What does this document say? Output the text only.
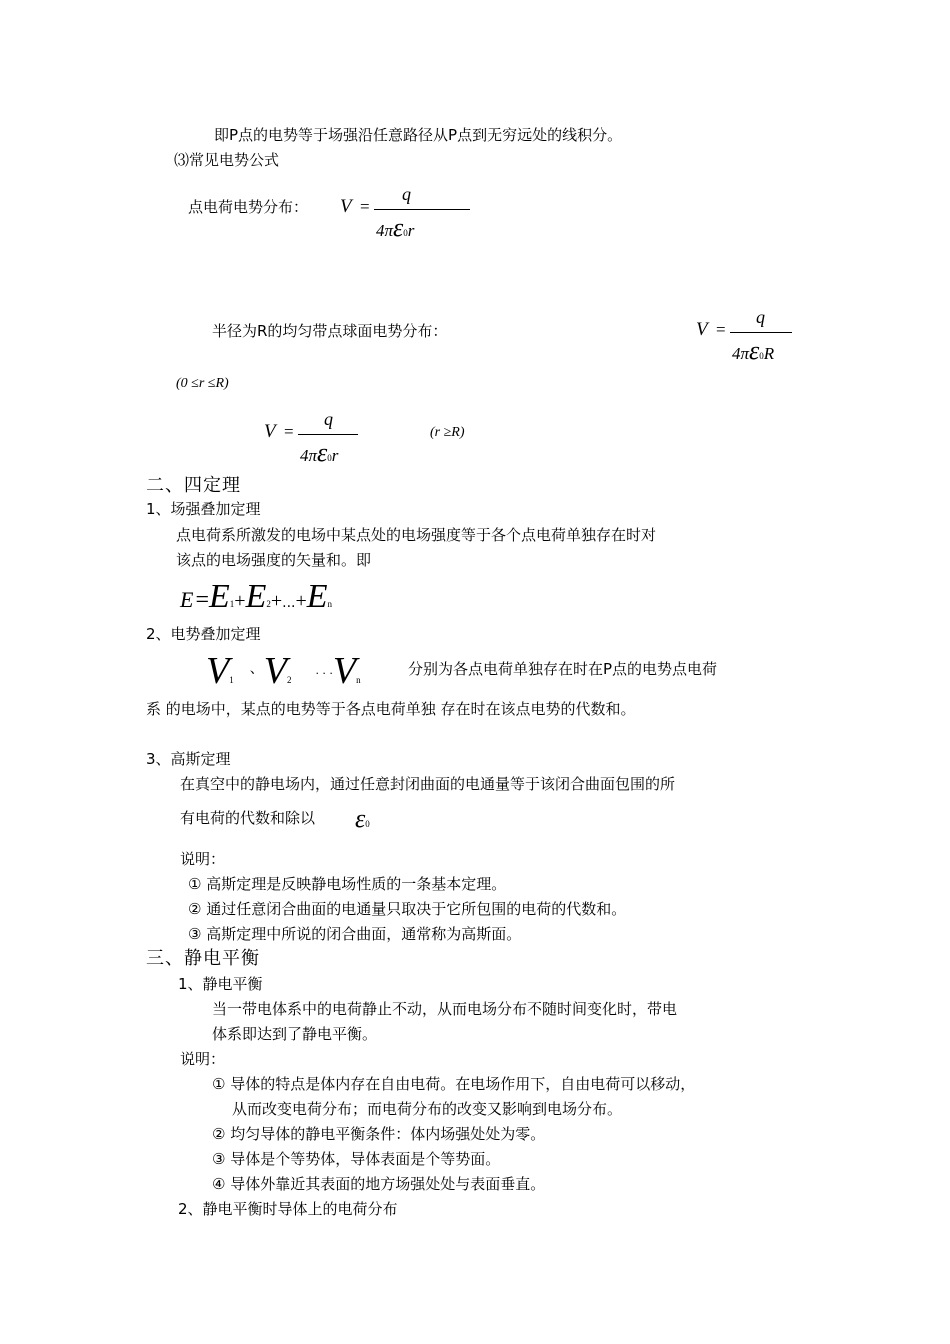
即P点的电势等于场强沿任意路径从P点到无穷远处的线积分。
⑶常见电势公式
点电荷电势分布： V =
q
4πε0r
半径为R的均匀带点球面电势分布：	V =
q
4πε0R
(0 ≤r ≤R)
V =
q
4πε0r
(r ≥R)
二、四定理
1、场强叠加定理
点电荷系所激发的电场中某点处的电场强度等于各个点电荷单独存在时对
该点的电场强度的矢量和。即
E=E1+E2+...+En
2、电势叠加定理
V1、V2 · · ·Vn
分别为各点电荷单独存在时在P点的电势点电荷
系 的电场中，某点的电势等于各点电荷单独 存在时在该点电势的代数和。
3、高斯定理
在真空中的静电场内，通过任意封闭曲面的电通量等于该闭合曲面包围的所
有电荷的代数和除以 ε0
说明：
① 高斯定理是反映静电场性质的一条基本定理。
② 通过任意闭合曲面的电通量只取决于它所包围的电荷的代数和。
③ 高斯定理中所说的闭合曲面，通常称为高斯面。
三、静电平衡
1、静电平衡
当一带电体系中的电荷静止不动，从而电场分布不随时间变化时，带电
体系即达到了静电平衡。
说明：
① 导体的特点是体内存在自由电荷。在电场作用下，自由电荷可以移动，
从而改变电荷分布；而电荷分布的改变又影响到电场分布。
② 均匀导体的静电平衡条件：体内场强处处为零。
③ 导体是个等势体，导体表面是个等势面。
④ 导体外靠近其表面的地方场强处处与表面垂直。
2、静电平衡时导体上的电荷分布
